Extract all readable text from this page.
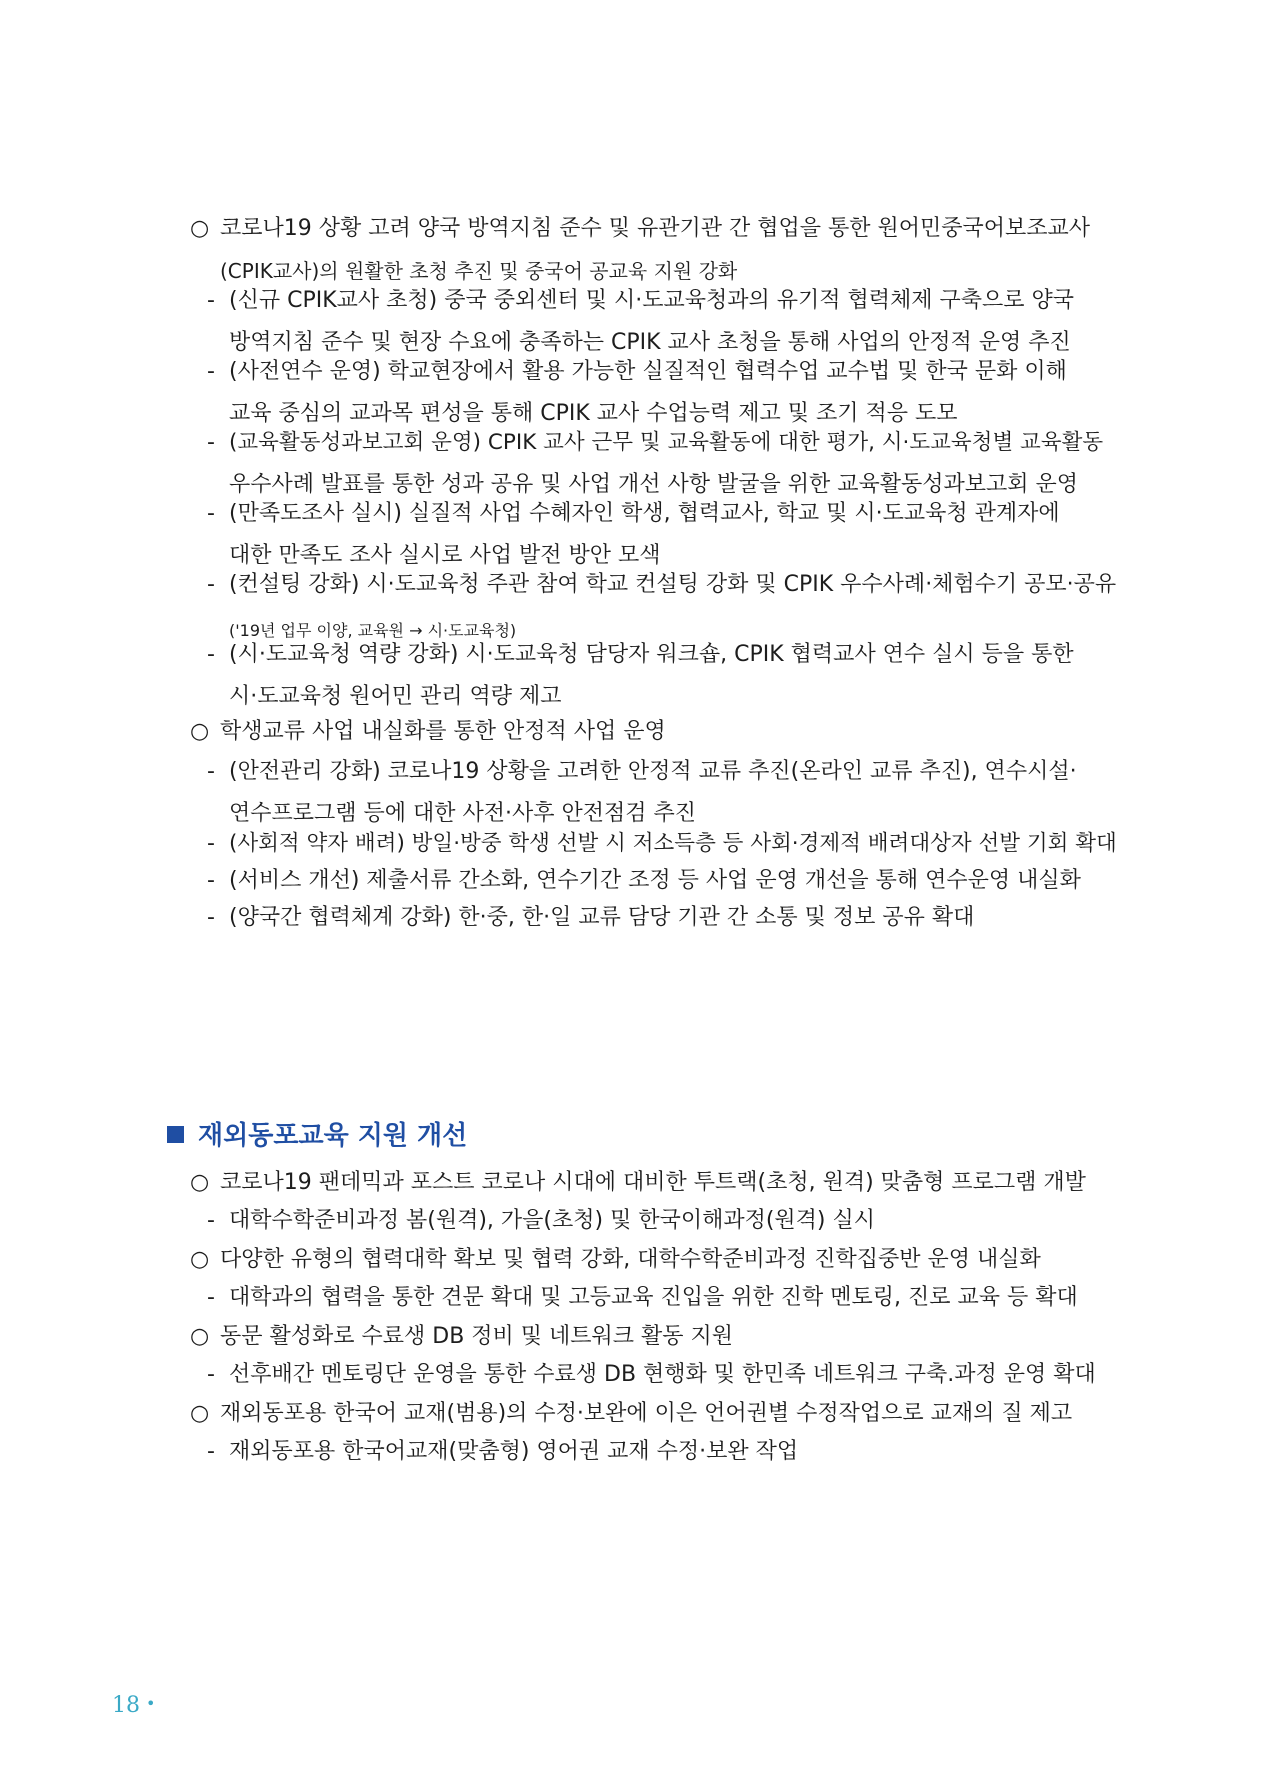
○ 코로나19 상황 고려 양국 방역지침 준수 및 유관기관 간 협업을 통한 원어민중국어보조교사
(CPIK교사)의 원활한 초청 추진 및 중국어 공교육 지원 강화
- (신규 CPIK교사 초청) 중국 중외센터 및 시·도교육청과의 유기적 협력체제 구축으로 양국
방역지침 준수 및 현장 수요에 충족하는 CPIK 교사 초청을 통해 사업의 안정적 운영 추진
- (사전연수 운영) 학교현장에서 활용 가능한 실질적인 협력수업 교수법 및 한국 문화 이해
교육 중심의 교과목 편성을 통해 CPIK 교사 수업능력 제고 및 조기 적응 도모
- (교육활동성과보고회 운영) CPIK 교사 근무 및 교육활동에 대한 평가, 시·도교육청별 교육활동
우수사례 발표를 통한 성과 공유 및 사업 개선 사항 발굴을 위한 교육활동성과보고회 운영
- (만족도조사 실시) 실질적 사업 수혜자인 학생, 협력교사, 학교 및 시·도교육청 관계자에
대한 만족도 조사 실시로 사업 발전 방안 모색
- (컨설팅 강화) 시·도교육청 주관 참여 학교 컨설팅 강화 및 CPIK 우수사례·체험수기 공모·공유
('19년 업무 이양, 교육원 → 시·도교육청)
- (시·도교육청 역량 강화) 시·도교육청 담당자 워크숍, CPIK 협력교사 연수 실시 등을 통한
시·도교육청 원어민 관리 역량 제고
○ 학생교류 사업 내실화를 통한 안정적 사업 운영
- (안전관리 강화) 코로나19 상황을 고려한 안정적 교류 추진(온라인 교류 추진), 연수시설·
연수프로그램 등에 대한 사전·사후 안전점검 추진
- (사회적 약자 배려) 방일·방중 학생 선발 시 저소득층 등 사회·경제적 배려대상자 선발 기회 확대
- (서비스 개선) 제출서류 간소화, 연수기간 조정 등 사업 운영 개선을 통해 연수운영 내실화
- (양국간 협력체계 강화) 한·중, 한·일 교류 담당 기관 간 소통 및 정보 공유 확대
재외동포교육 지원 개선
○ 코로나19 팬데믹과 포스트 코로나 시대에 대비한 투트랙(초청, 원격) 맞춤형 프로그램 개발
- 대학수학준비과정 봄(원격), 가을(초청) 및 한국이해과정(원격) 실시
○ 다양한 유형의 협력대학 확보 및 협력 강화, 대학수학준비과정 진학집중반 운영 내실화
- 대학과의 협력을 통한 견문 확대 및 고등교육 진입을 위한 진학 멘토링, 진로 교육 등 확대
○ 동문 활성화로 수료생 DB 정비 및 네트워크 활동 지원
- 선후배간 멘토링단 운영을 통한 수료생 DB 현행화 및 한민족 네트워크 구축.과정 운영 확대
○ 재외동포용 한국어 교재(범용)의 수정·보완에 이은 언어권별 수정작업으로 교재의 질 제고
- 재외동포용 한국어교재(맞춤형) 영어권 교재 수정·보완 작업
18 •
